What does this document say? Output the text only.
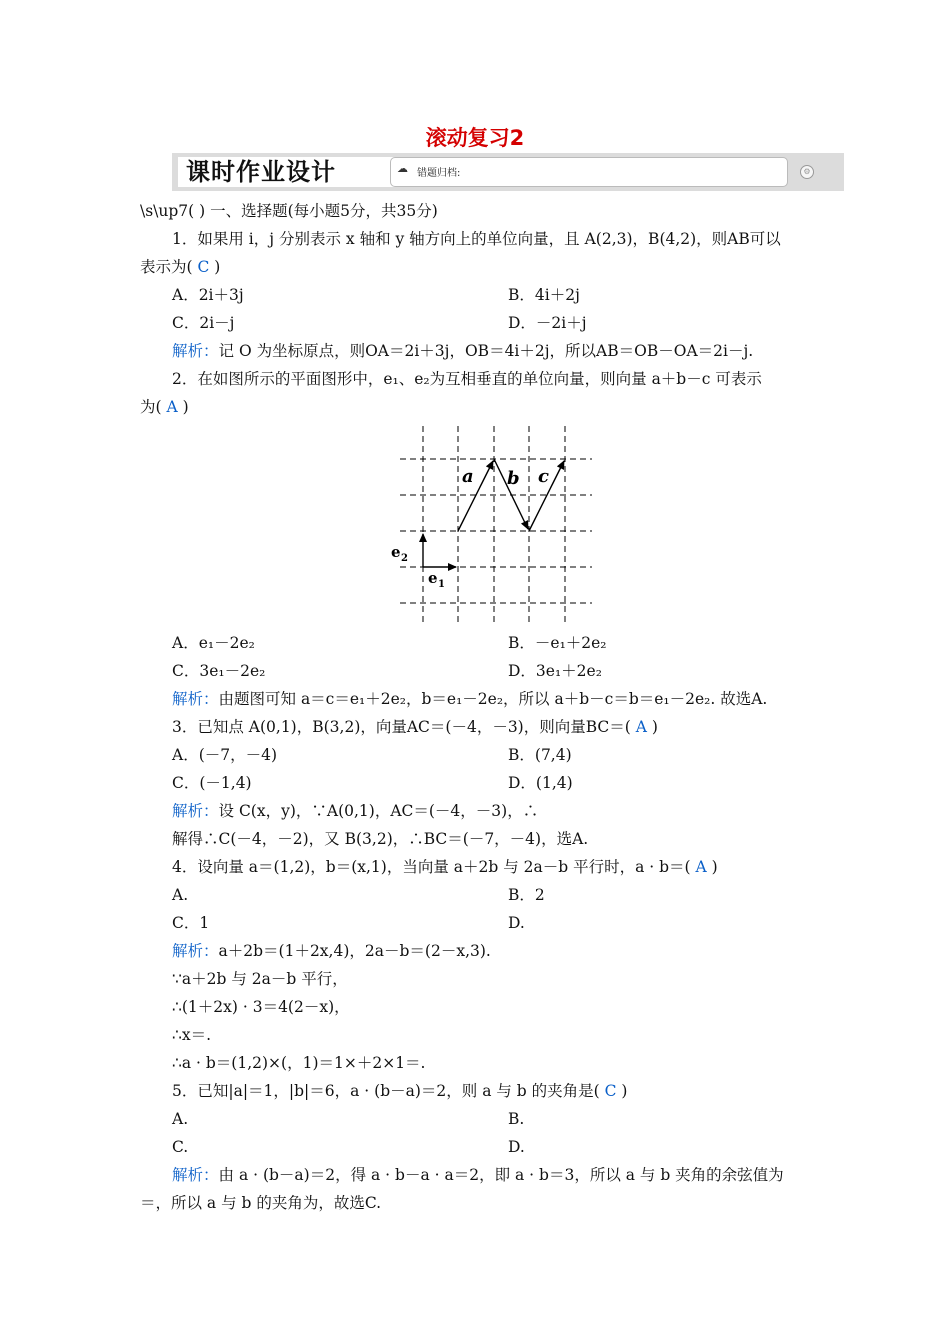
滚动复习2
课时作业设计	☁ 错题归档:	⚙
\s\up7( ) 一、选择题(每小题5分，共35分)
1．如果用 i，j 分别表示 x 轴和 y 轴方向上的单位向量，且 A(2,3)，B(4,2)，则AB可以
表示为( C )
A．2i＋3j	B．4i＋2j
C．2i－j	D．－2i＋j
解析：记 O 为坐标原点，则OA＝2i＋3j，OB＝4i＋2j，所以AB＝OB－OA＝2i－j.
2．在如图所示的平面图形中，e₁、e₂为互相垂直的单位向量，则向量 a＋b－c 可表示
为( A )
a b c
e 1
e 2
A．e₁－2e₂	B．－e₁＋2e₂
C．3e₁－2e₂	D．3e₁＋2e₂
解析：由题图可知 a＝c＝e₁＋2e₂，b＝e₁－2e₂，所以 a＋b－c＝b＝e₁－2e₂. 故选A.
3．已知点 A(0,1)，B(3,2)，向量AC＝(－4，－3)，则向量BC＝( A )
A．(－7，－4)	B．(7,4)
C．(－1,4)	D．(1,4)
解析：设 C(x，y)，∵A(0,1)，AC＝(－4，－3)，∴
解得∴C(－4，－2)，又 B(3,2)，∴BC＝(－7，－4)，选A.
4．设向量 a＝(1,2)，b＝(x,1)，当向量 a＋2b 与 2a－b 平行时，a · b＝( A )
A.	B．2
C．1	D.
解析：a＋2b＝(1＋2x,4)，2a－b＝(2－x,3).
∵a＋2b 与 2a－b 平行，
∴(1＋2x) · 3＝4(2－x)，
∴x＝.
∴a · b＝(1,2)×(，1)＝1×＋2×1＝.
5．已知|a|＝1，|b|＝6，a · (b－a)＝2，则 a 与 b 的夹角是( C )
A.	B.
C.	D.
解析：由 a · (b－a)＝2，得 a · b－a · a＝2，即 a · b＝3，所以 a 与 b 夹角的余弦值为
＝，所以 a 与 b 的夹角为，故选C.
